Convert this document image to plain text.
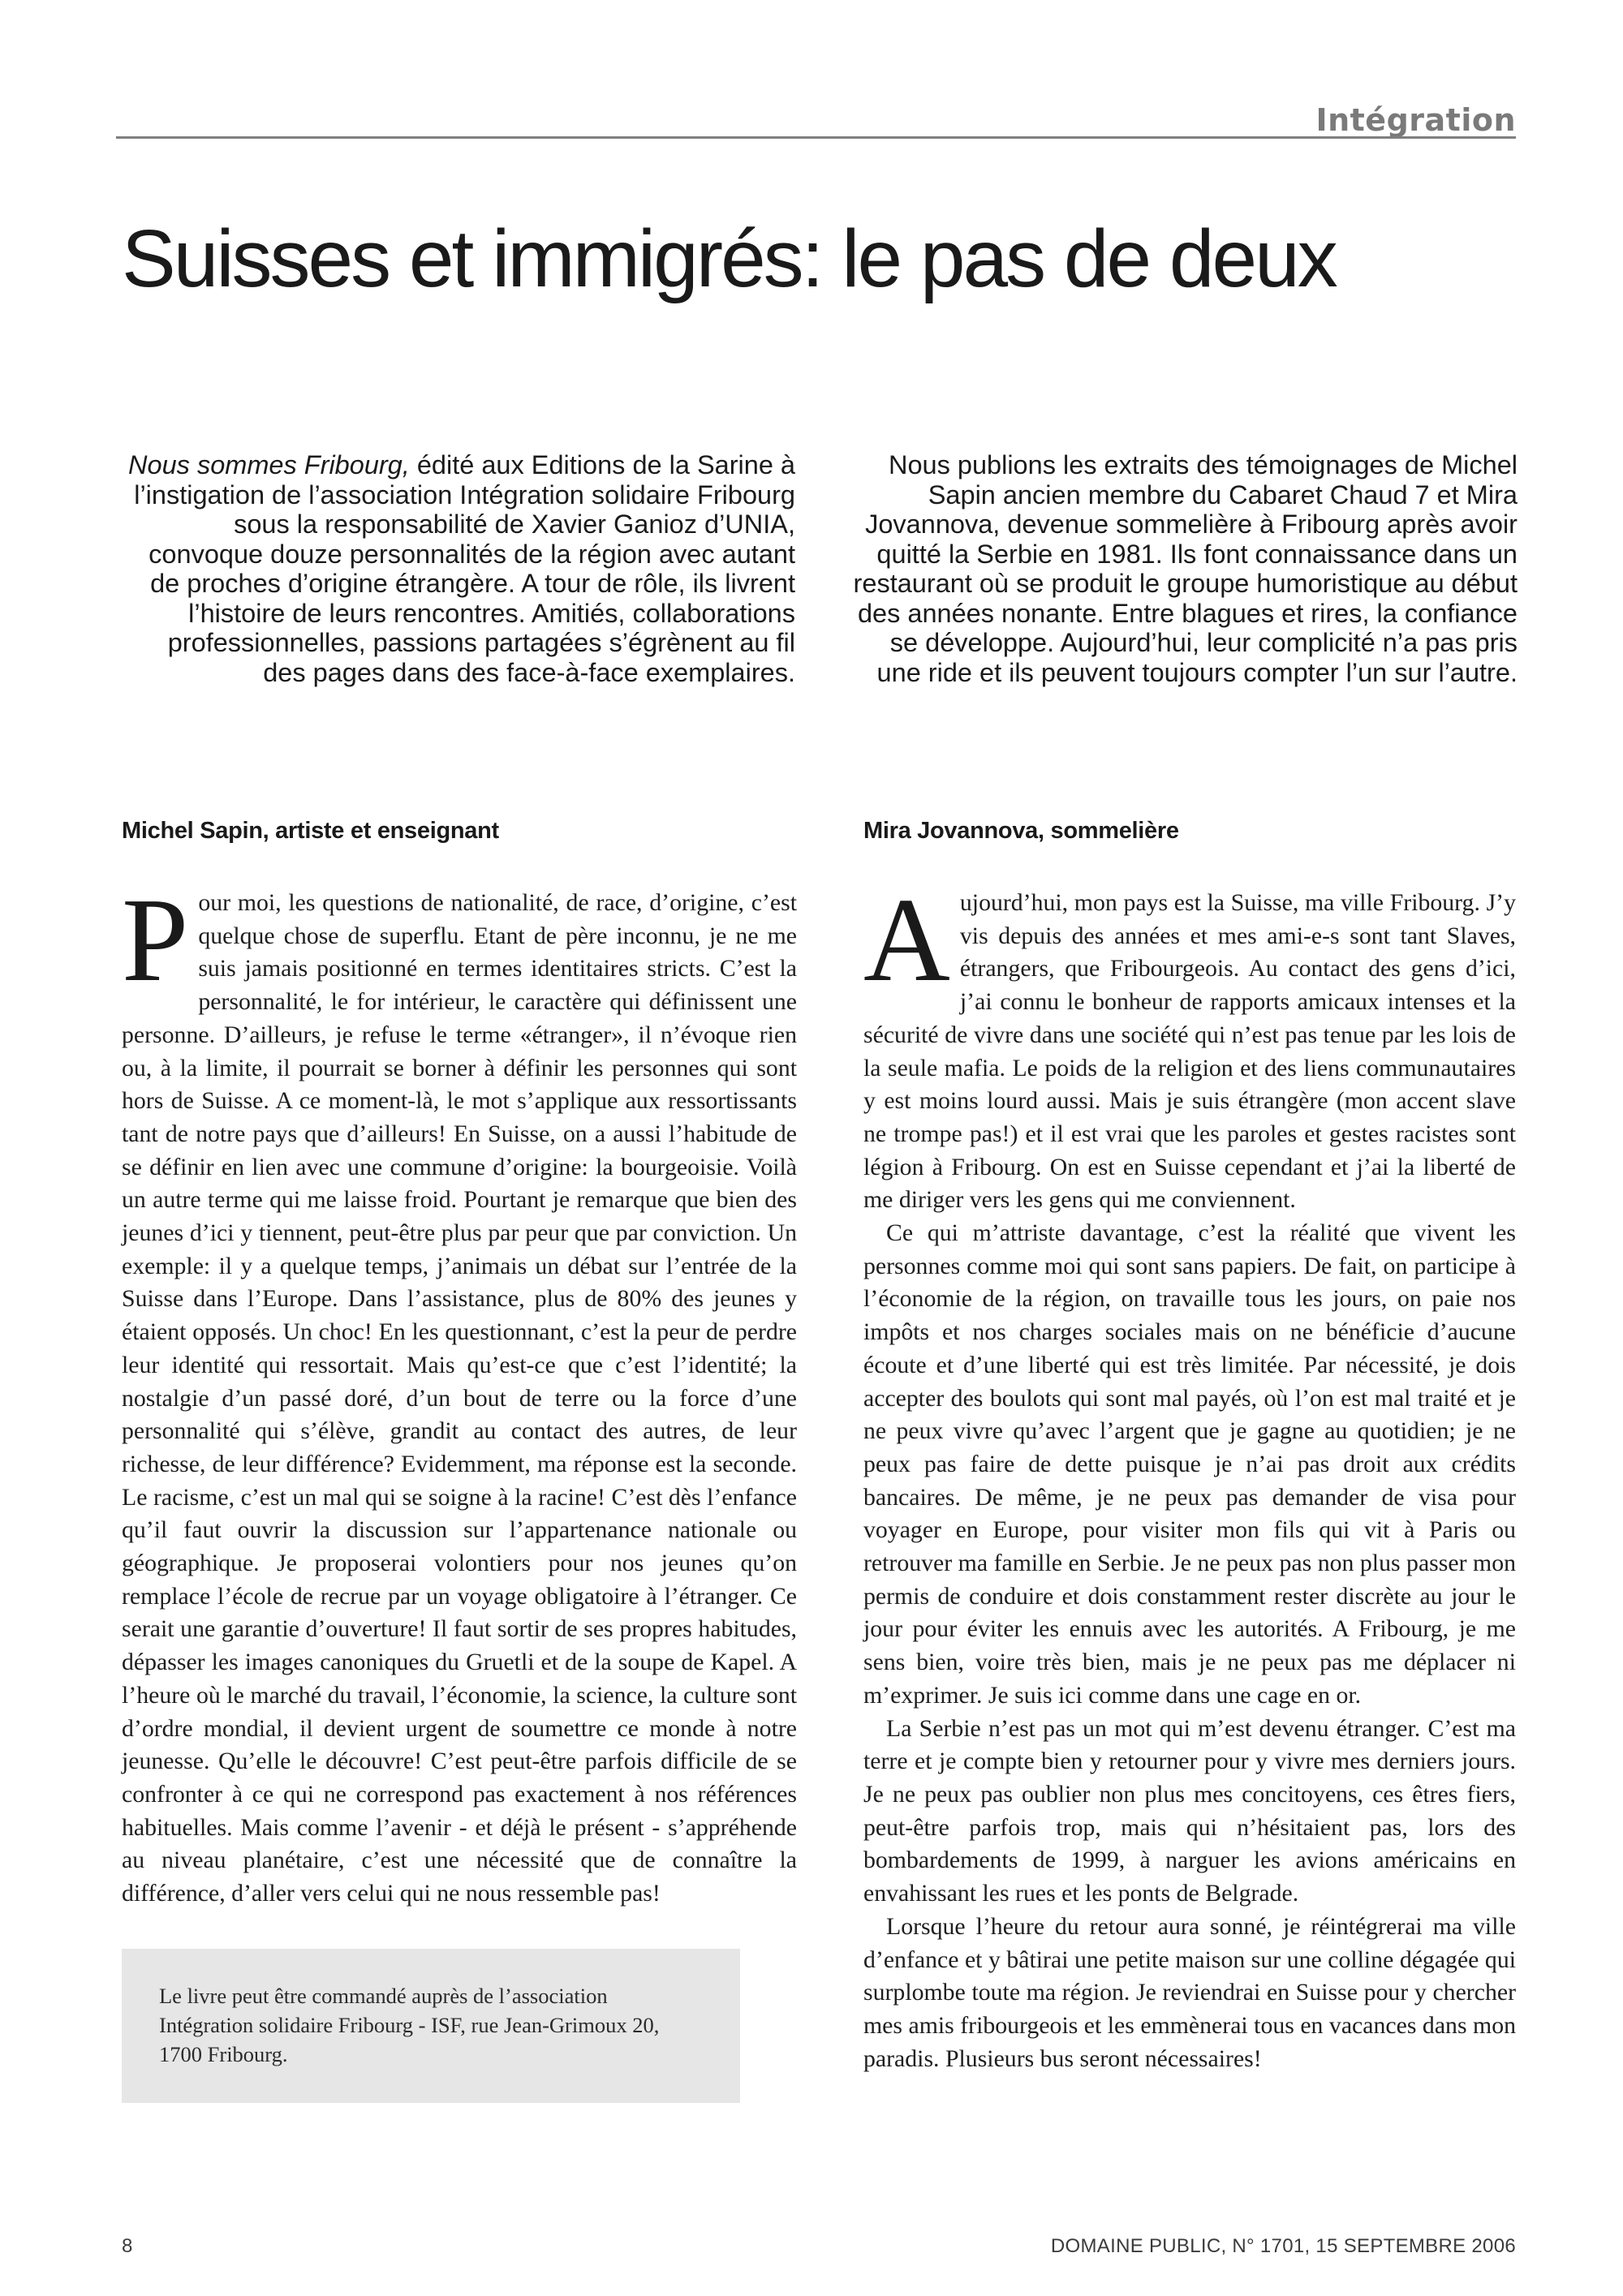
Intégration
Suisses et immigrés: le pas de deux

Nous sommes Fribourg, édité aux Editions de la Sarine à l’instigation de l’association Intégration solidaire Fribourg sous la responsabilité de Xavier Ganioz d’UNIA, convoque douze personnalités de la région avec autant de proches d’origine étrangère. A tour de rôle, ils livrent l’histoire de leurs rencontres. Amitiés, collaborations professionnelles, passions partagées s’égrènent au fil des pages dans des face-à-face exemplaires.

Nous publions les extraits des témoignages de Michel Sapin ancien membre du Cabaret Chaud 7 et Mira Jovannova, devenue sommelière à Fribourg après avoir quitté la Serbie en 1981. Ils font connaissance dans un restaurant où se produit le groupe humoristique au début des années nonante. Entre blagues et rires, la confiance se développe. Aujourd’hui, leur complicité n’a pas pris une ride et ils peuvent toujours compter l’un sur l’autre.

Michel Sapin, artiste et enseignant

Pour moi, les questions de nationalité, de race, d’origine, c’est quelque chose de superflu. Etant de père inconnu, je ne me suis jamais positionné en termes identitaires stricts. C’est la personnalité, le for intérieur, le caractère qui définissent une personne. D’ailleurs, je refuse le terme «étranger», il n’évoque rien ou, à la limite, il pourrait se borner à définir les personnes qui sont hors de Suisse. A ce moment-là, le mot s’applique aux ressortissants tant de notre pays que d’ailleurs! En Suisse, on a aussi l’habitude de se définir en lien avec une commune d’origine: la bourgeoisie. Voilà un autre terme qui me laisse froid. Pourtant je remarque que bien des jeunes d’ici y tiennent, peut-être plus par peur que par conviction. Un exemple: il y a quelque temps, j’animais un débat sur l’entrée de la Suisse dans l’Europe. Dans l’assistance, plus de 80% des jeunes y étaient opposés. Un choc! En les questionnant, c’est la peur de perdre leur identité qui ressortait. Mais qu’est-ce que c’est l’identité; la nostalgie d’un passé doré, d’un bout de terre ou la force d’une personnalité qui s’élève, grandit au contact des autres, de leur richesse, de leur différence? Evidemment, ma réponse est la seconde. Le racisme, c’est un mal qui se soigne à la racine! C’est dès l’enfance qu’il faut ouvrir la discussion sur l’appartenance nationale ou géographique. Je proposerai volontiers pour nos jeunes qu’on remplace l’école de recrue par un voyage obligatoire à l’étranger. Ce serait une garantie d’ouverture! Il faut sortir de ses propres habitudes, dépasser les images canoniques du Gruetli et de la soupe de Kapel. A l’heure où le marché du travail, l’économie, la science, la culture sont d’ordre mondial, il devient urgent de soumettre ce monde à notre jeunesse. Qu’elle le découvre! C’est peut-être parfois difficile de se confronter à ce qui ne correspond pas exactement à nos références habituelles. Mais comme l’avenir - et déjà le présent - s’appréhende au niveau planétaire, c’est une nécessité que de connaître la différence, d’aller vers celui qui ne nous ressemble pas!

Mira Jovannova, sommelière

Aujourd’hui, mon pays est la Suisse, ma ville Fribourg. J’y vis depuis des années et mes ami-e-s sont tant Slaves, étrangers, que Fribourgeois. Au contact des gens d’ici, j’ai connu le bonheur de rapports amicaux intenses et la sécurité de vivre dans une société qui n’est pas tenue par les lois de la seule mafia. Le poids de la religion et des liens communautaires y est moins lourd aussi. Mais je suis étrangère (mon accent slave ne trompe pas!) et il est vrai que les paroles et gestes racistes sont légion à Fribourg. On est en Suisse cependant et j’ai la liberté de me diriger vers les gens qui me conviennent.

Ce qui m’attriste davantage, c’est la réalité que vivent les personnes comme moi qui sont sans papiers. De fait, on participe à l’économie de la région, on travaille tous les jours, on paie nos impôts et nos charges sociales mais on ne bénéficie d’aucune écoute et d’une liberté qui est très limitée. Par nécessité, je dois accepter des boulots qui sont mal payés, où l’on est mal traité et je ne peux vivre qu’avec l’argent que je gagne au quotidien; je ne peux pas faire de dette puisque je n’ai pas droit aux crédits bancaires. De même, je ne peux pas demander de visa pour voyager en Europe, pour visiter mon fils qui vit à Paris ou retrouver ma famille en Serbie. Je ne peux pas non plus passer mon permis de conduire et dois constamment rester discrète au jour le jour pour éviter les ennuis avec les autorités. A Fribourg, je me sens bien, voire très bien, mais je ne peux pas me déplacer ni m’exprimer. Je suis ici comme dans une cage en or.

La Serbie n’est pas un mot qui m’est devenu étranger. C’est ma terre et je compte bien y retourner pour y vivre mes derniers jours. Je ne peux pas oublier non plus mes concitoyens, ces êtres fiers, peut-être parfois trop, mais qui n’hésitaient pas, lors des bombardements de 1999, à narguer les avions américains en envahissant les rues et les ponts de Belgrade.

Lorsque l’heure du retour aura sonné, je réintégrerai ma ville d’enfance et y bâtirai une petite maison sur une colline dégagée qui surplombe toute ma région. Je reviendrai en Suisse pour y chercher mes amis fribourgeois et les emmènerai tous en vacances dans mon paradis. Plusieurs bus seront nécessaires!

Le livre peut être commandé auprès de l’association Intégration solidaire Fribourg - ISF, rue Jean-Grimoux 20, 1700 Fribourg.

8	DOMAINE PUBLIC, N° 1701, 15 SEPTEMBRE 2006
